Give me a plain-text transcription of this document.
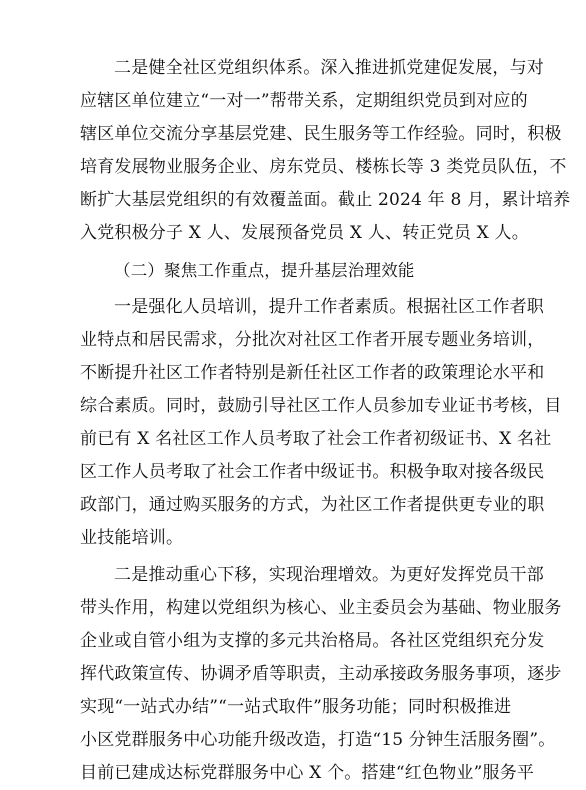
二是健全社区党组织体系。深入推进抓党建促发展，与对
应辖区单位建立“一对一”帮带关系，定期组织党员到对应的
辖区单位交流分享基层党建、民生服务等工作经验。同时，积极
培育发展物业服务企业、房东党员、楼栋长等 3 类党员队伍，不
断扩大基层党组织的有效覆盖面。截止 2024 年 8 月，累计培养
入党积极分子 X 人、发展预备党员 X 人、转正党员 X 人。
（二）聚焦工作重点，提升基层治理效能
一是强化人员培训，提升工作者素质。根据社区工作者职
业特点和居民需求，分批次对社区工作者开展专题业务培训，
不断提升社区工作者特别是新任社区工作者的政策理论水平和
综合素质。同时，鼓励引导社区工作人员参加专业证书考核，目
前已有 X 名社区工作人员考取了社会工作者初级证书、X 名社
区工作人员考取了社会工作者中级证书。积极争取对接各级民
政部门，通过购买服务的方式，为社区工作者提供更专业的职
业技能培训。
二是推动重心下移，实现治理增效。为更好发挥党员干部
带头作用，构建以党组织为核心、业主委员会为基础、物业服务
企业或自管小组为支撑的多元共治格局。各社区党组织充分发
挥代政策宣传、协调矛盾等职责，主动承接政务服务事项，逐步
实现“一站式办结”“一站式取件”服务功能；同时积极推进
小区党群服务中心功能升级改造，打造“15 分钟生活服务圈”。
目前已建成达标党群服务中心 X 个。搭建“红色物业”服务平
